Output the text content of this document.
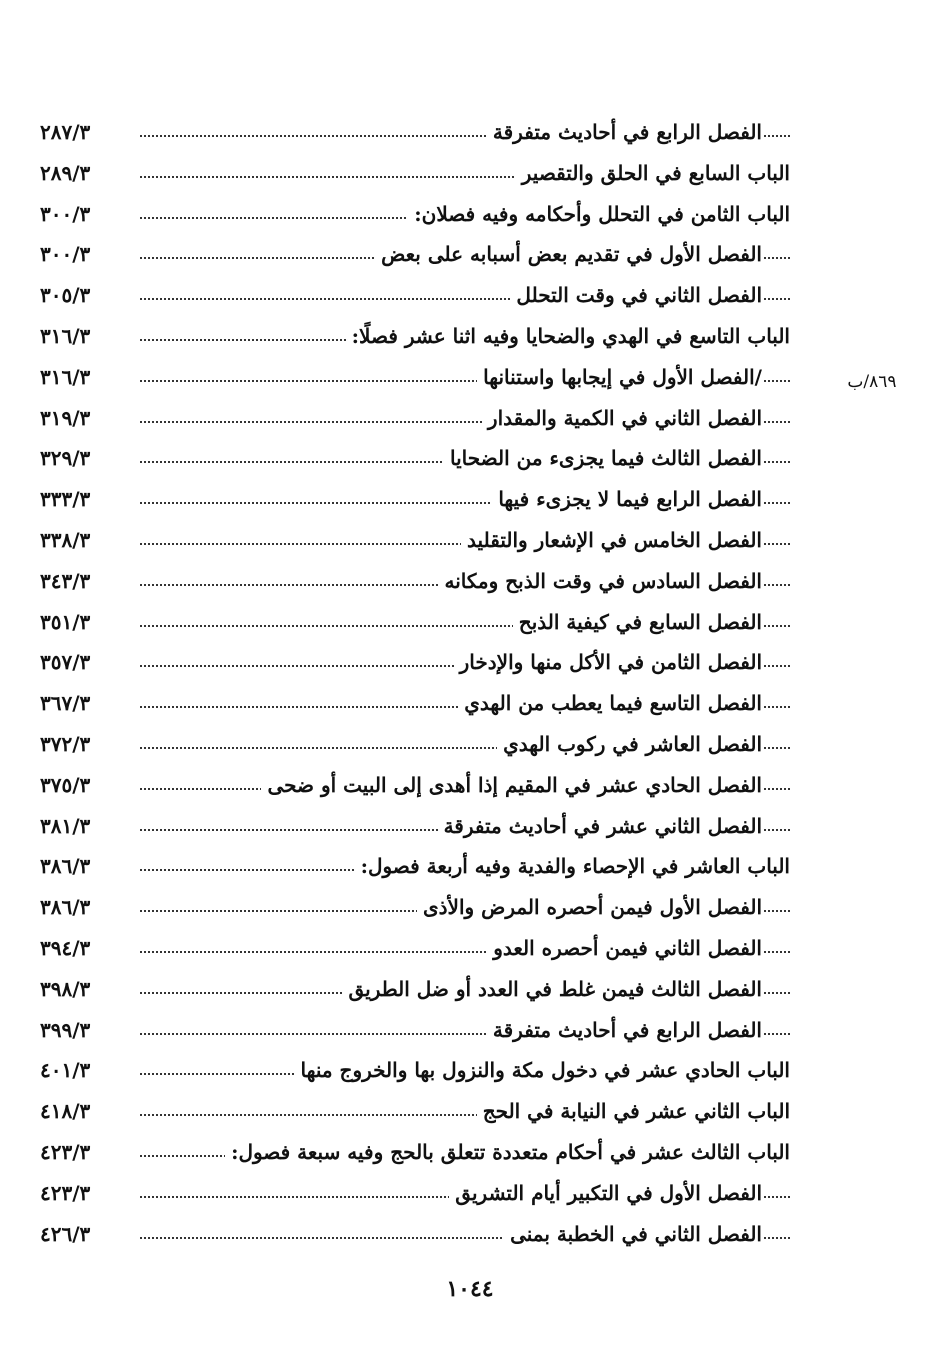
الفصل الرابع في أحاديث متفرقة
٢٨٧/٣
الباب السابع في الحلق والتقصير
٢٨٩/٣
الباب الثامن في التحلل وأحكامه وفيه فصلان:
٣٠٠/٣
الفصل الأول في تقديم بعض أسبابه على بعض
٣٠٠/٣
الفصل الثاني في وقت التحلل
٣٠٥/٣
الباب التاسع في الهدي والضحايا وفيه اثنا عشر فصلًا:
٣١٦/٣
/الفصل الأول في إيجابها واستنانها
٣١٦/٣
الفصل الثاني في الكمية والمقدار
٣١٩/٣
الفصل الثالث فيما يجزىء من الضحايا
٣٢٩/٣
الفصل الرابع فيما لا يجزىء فيها
٣٣٣/٣
الفصل الخامس في الإشعار والتقليد
٣٣٨/٣
الفصل السادس في وقت الذبح ومكانه
٣٤٣/٣
الفصل السابع في كيفية الذبح
٣٥١/٣
الفصل الثامن في الأكل منها والإدخار
٣٥٧/٣
الفصل التاسع فيما يعطب من الهدي
٣٦٧/٣
الفصل العاشر في ركوب الهدي
٣٧٢/٣
الفصل الحادي عشر في المقيم إذا أهدى إلى البيت أو ضحى
٣٧٥/٣
الفصل الثاني عشر في أحاديث متفرقة
٣٨١/٣
الباب العاشر في الإحصاء والفدية وفيه أربعة فصول:
٣٨٦/٣
الفصل الأول فيمن أحصره المرض والأذى
٣٨٦/٣
الفصل الثاني فيمن أحصره العدو
٣٩٤/٣
الفصل الثالث فيمن غلط في العدد أو ضل الطريق
٣٩٨/٣
الفصل الرابع في أحاديث متفرقة
٣٩٩/٣
الباب الحادي عشر في دخول مكة والنزول بها والخروج منها
٤٠١/٣
الباب الثاني عشر في النيابة في الحج
٤١٨/٣
الباب الثالث عشر في أحكام متعددة تتعلق بالحج وفيه سبعة فصول:
٤٢٣/٣
الفصل الأول في التكبير أيام التشريق
٤٢٣/٣
الفصل الثاني في الخطبة بمنى
٤٢٦/٣
٨٦٩/ب
١٠٤٤
